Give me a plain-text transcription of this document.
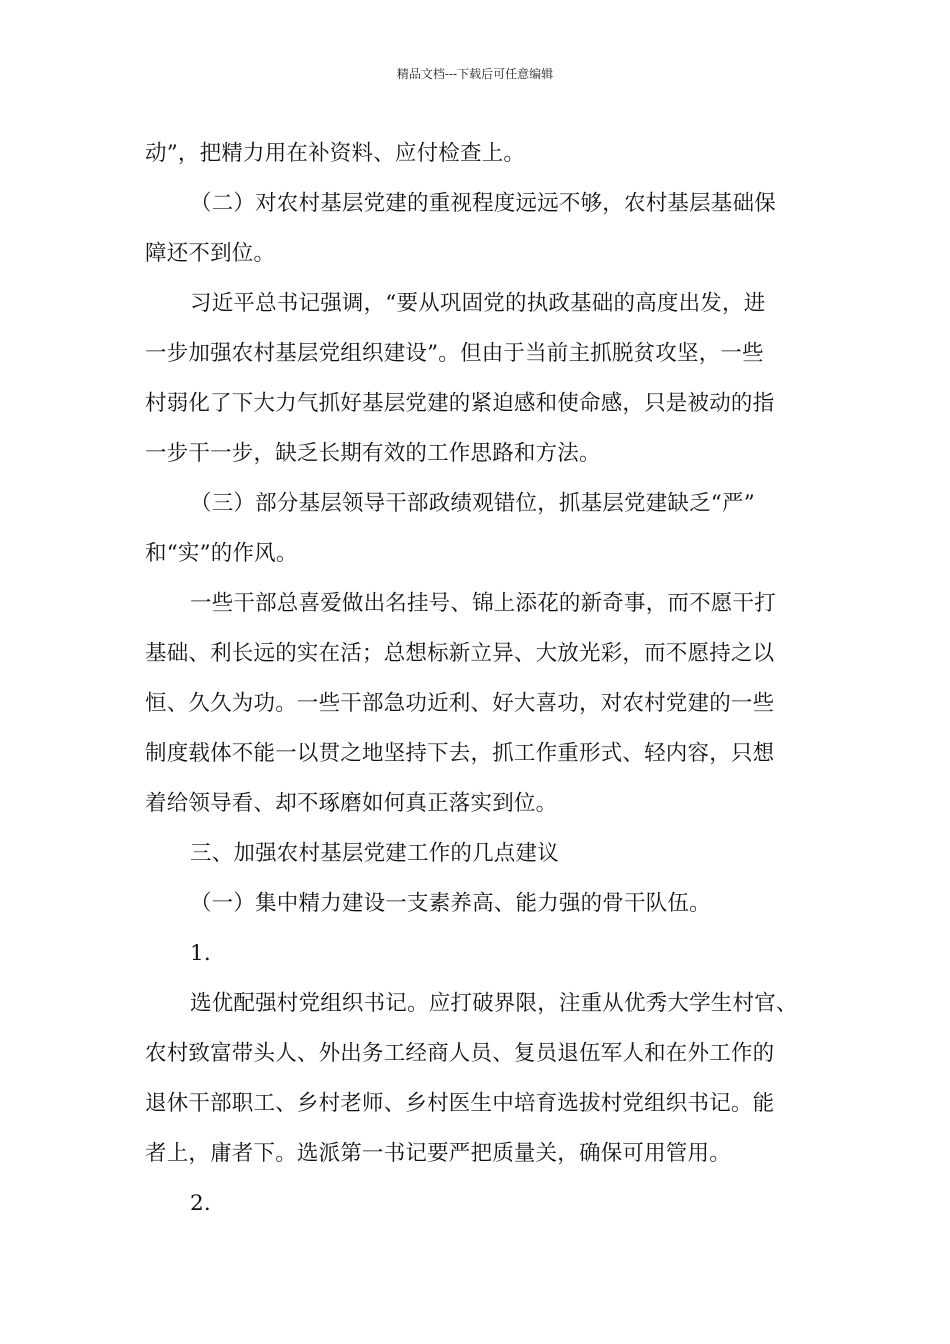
精品文档---下载后可任意编辑
动”，把精力用在补资料、应付检查上。
（二）对农村基层党建的重视程度远远不够，农村基层基础保
障还不到位。
习近平总书记强调，“要从巩固党的执政基础的高度出发，进
一步加强农村基层党组织建设”。但由于当前主抓脱贫攻坚，一些
村弱化了下大力气抓好基层党建的紧迫感和使命感，只是被动的指
一步干一步，缺乏长期有效的工作思路和方法。
（三）部分基层领导干部政绩观错位，抓基层党建缺乏“严”
和“实”的作风。
一些干部总喜爱做出名挂号、锦上添花的新奇事，而不愿干打
基础、利长远的实在活；总想标新立异、大放光彩，而不愿持之以
恒、久久为功。一些干部急功近利、好大喜功，对农村党建的一些
制度载体不能一以贯之地坚持下去，抓工作重形式、轻内容，只想
着给领导看、却不琢磨如何真正落实到位。
三、加强农村基层党建工作的几点建议
（一）集中精力建设一支素养高、能力强的骨干队伍。
1.
选优配强村党组织书记。应打破界限，注重从优秀大学生村官、
农村致富带头人、外出务工经商人员、复员退伍军人和在外工作的
退休干部职工、乡村老师、乡村医生中培育选拔村党组织书记。能
者上，庸者下。选派第一书记要严把质量关，确保可用管用。
2.
